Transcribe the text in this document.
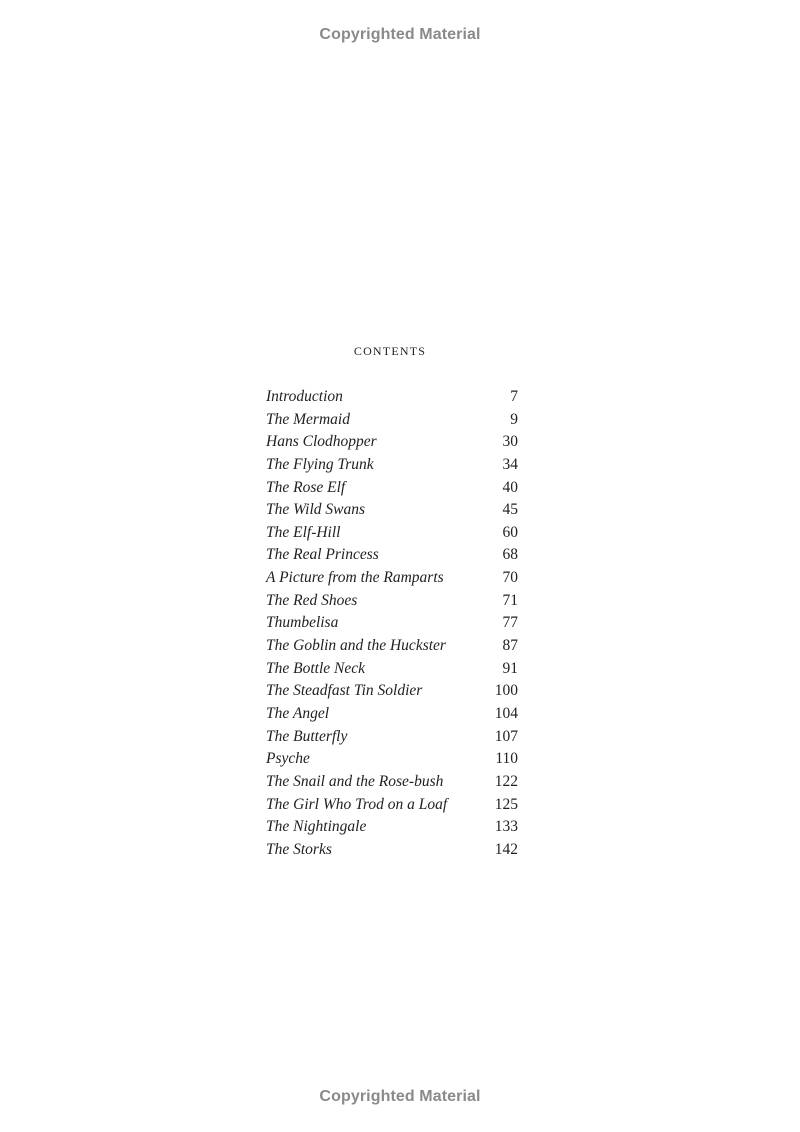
Copyrighted Material
contents
Introduction	7
The Mermaid	9
Hans Clodhopper	30
The Flying Trunk	34
The Rose Elf	40
The Wild Swans	45
The Elf-Hill	60
The Real Princess	68
A Picture from the Ramparts	70
The Red Shoes	71
Thumbelisa	77
The Goblin and the Huckster	87
The Bottle Neck	91
The Steadfast Tin Soldier	100
The Angel	104
The Butterfly	107
Psyche	110
The Snail and the Rose-bush	122
The Girl Who Trod on a Loaf	125
The Nightingale	133
The Storks	142
Copyrighted Material
